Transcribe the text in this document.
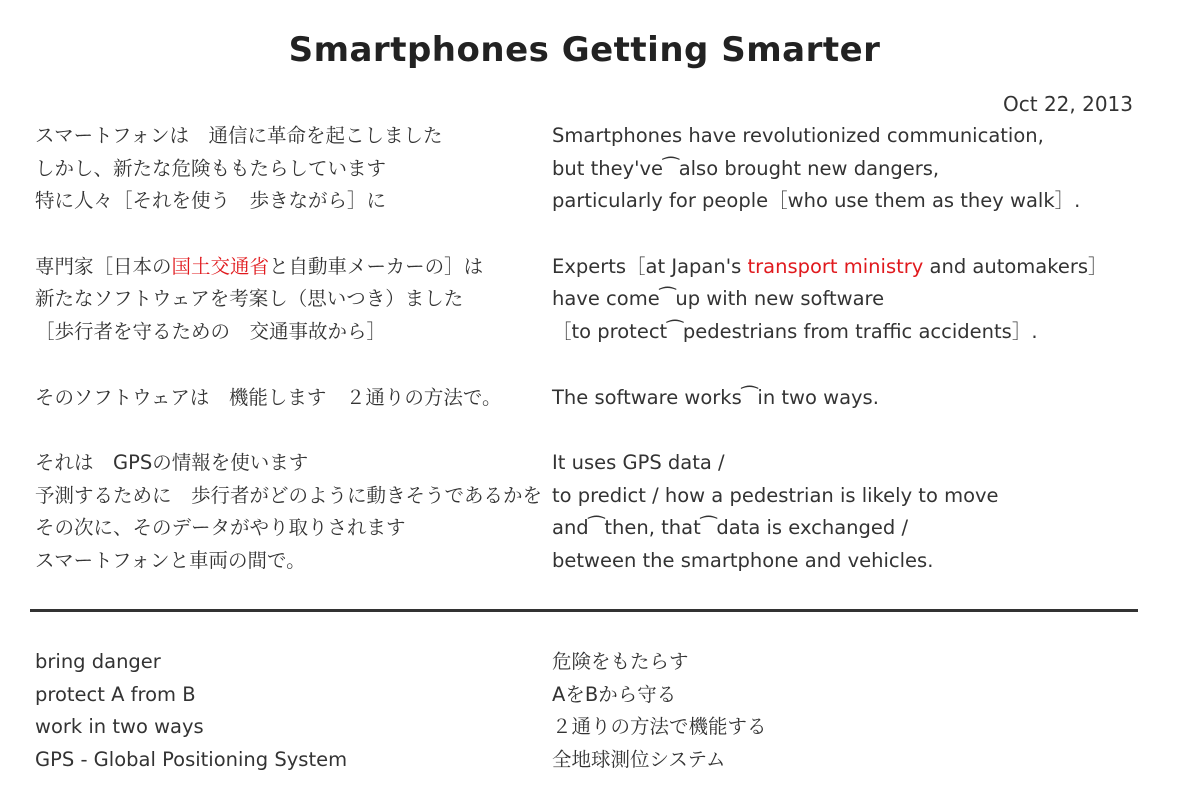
Smartphones Getting Smarter
Oct 22, 2013
スマートフォンは　通信に革命を起こしました
しかし、新たな危険ももたらしています
特に人々［それを使う　歩きながら］に
専門家［日本の国土交通省と自動車メーカーの］は
新たなソフトウェアを考案し（思いつき）ました
［歩行者を守るための　交通事故から］
そのソフトウェアは　機能します　２通りの方法で。
それは　GPSの情報を使います
予測するために　歩行者がどのように動きそうであるかを
その次に、そのデータがやり取りされます
スマートフォンと車両の間で。
Smartphones have revolutionized communication,
but they've⁀also brought new dangers,
particularly for people［who use them as they walk］.
Experts［at Japan's transport ministry and automakers］
have come⁀up with new software
［to protect⁀pedestrians from traffic accidents］.
The software works⁀in two ways.
It uses GPS data /
to predict / how a pedestrian is likely to move
and⁀then, that⁀data is exchanged /
between the smartphone and vehicles.
bring danger
protect A from B
work in two ways
GPS - Global Positioning System
危険をもたらす
AをBから守る
２通りの方法で機能する
全地球測位システム
